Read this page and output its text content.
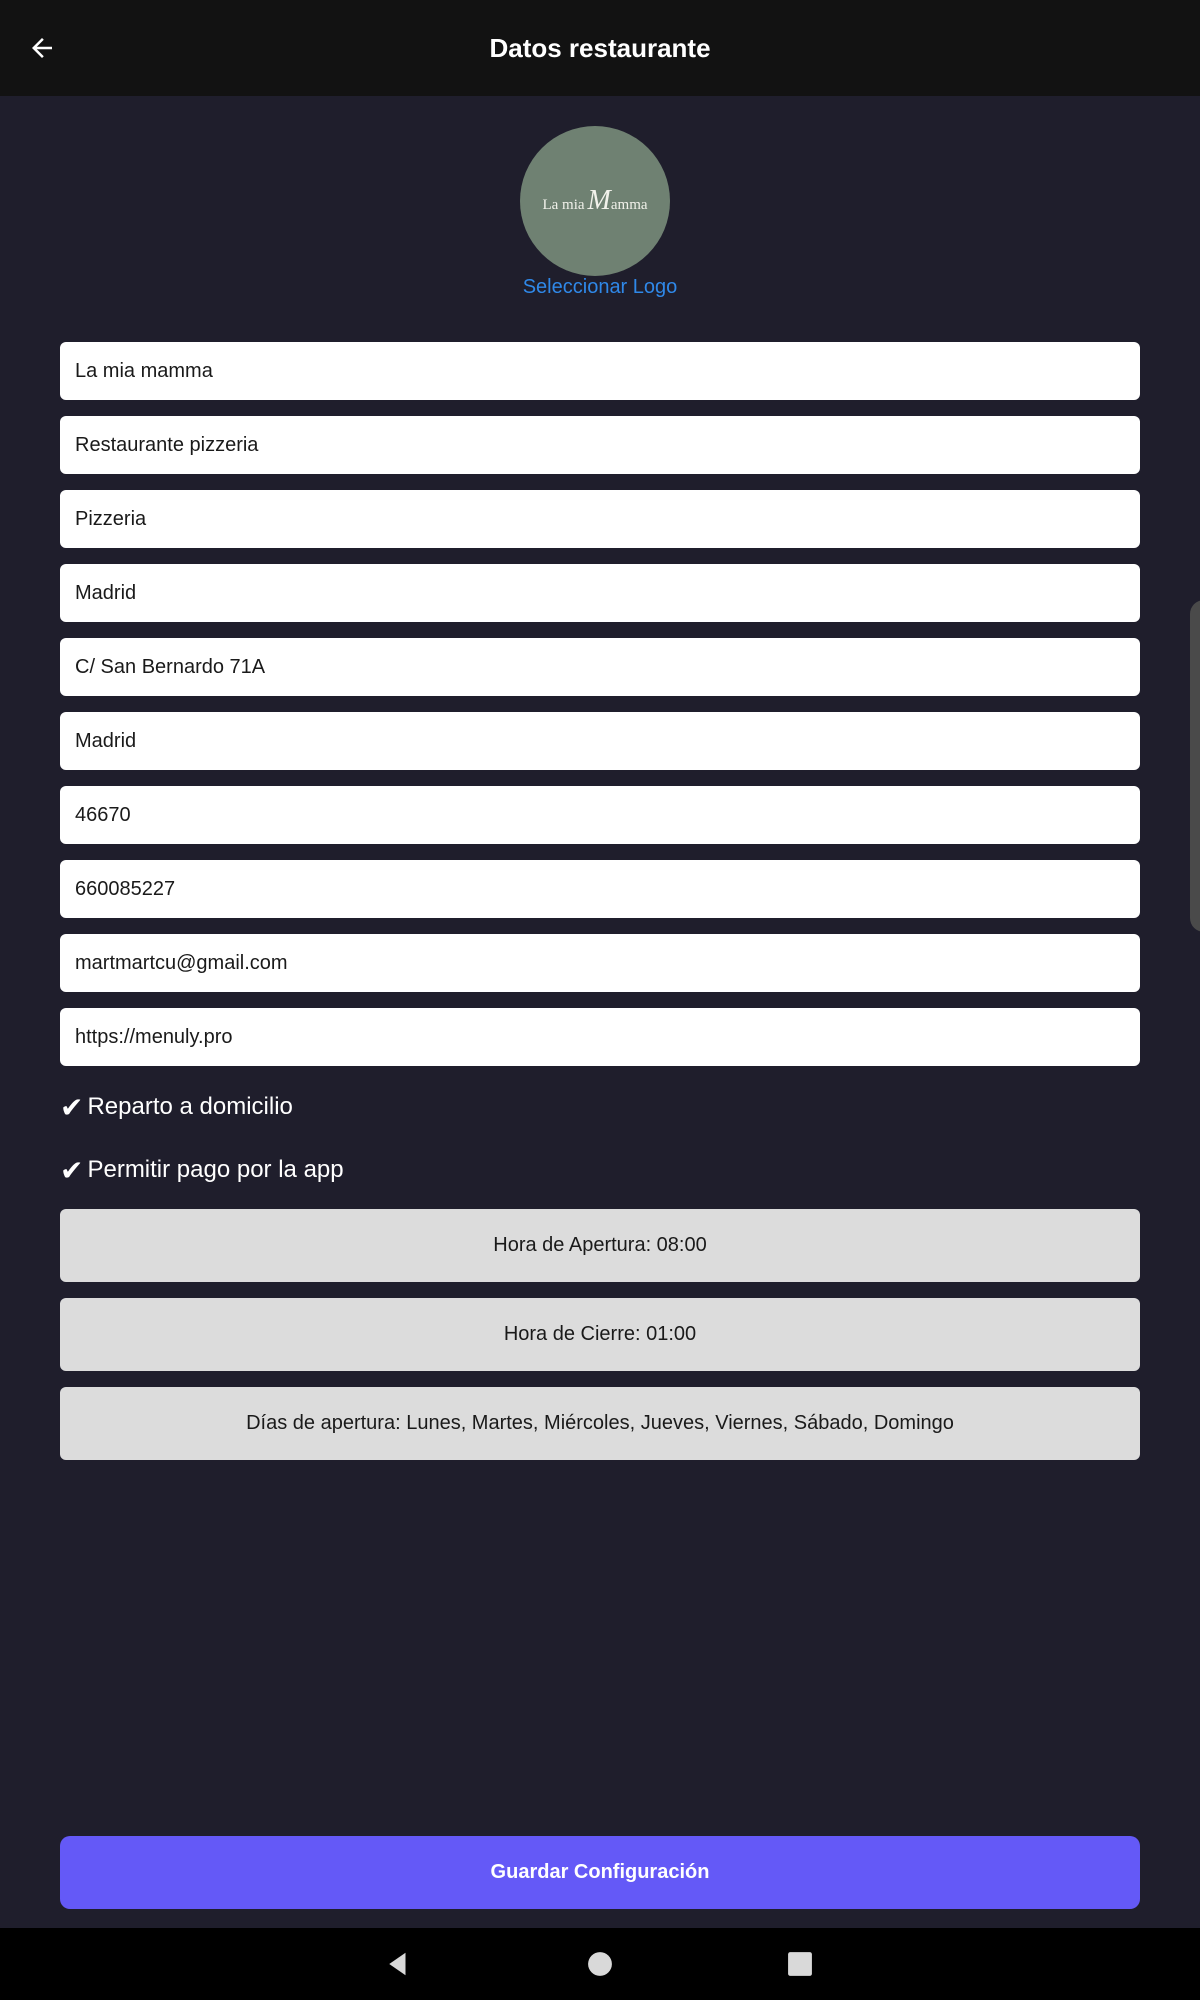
Datos restaurante
La mia M amma
Seleccionar Logo
La mia mamma
Restaurante pizzeria
Pizzeria
Madrid
C/ San Bernardo 71A
Madrid
46670
660085227
martmartcu@gmail.com
https://menuly.pro
✔ Reparto a domicilio
✔ Permitir pago por la app
Hora de Apertura: 08:00
Hora de Cierre: 01:00
Días de apertura: Lunes, Martes, Miércoles, Jueves, Viernes, Sábado, Domingo
Guardar Configuración
